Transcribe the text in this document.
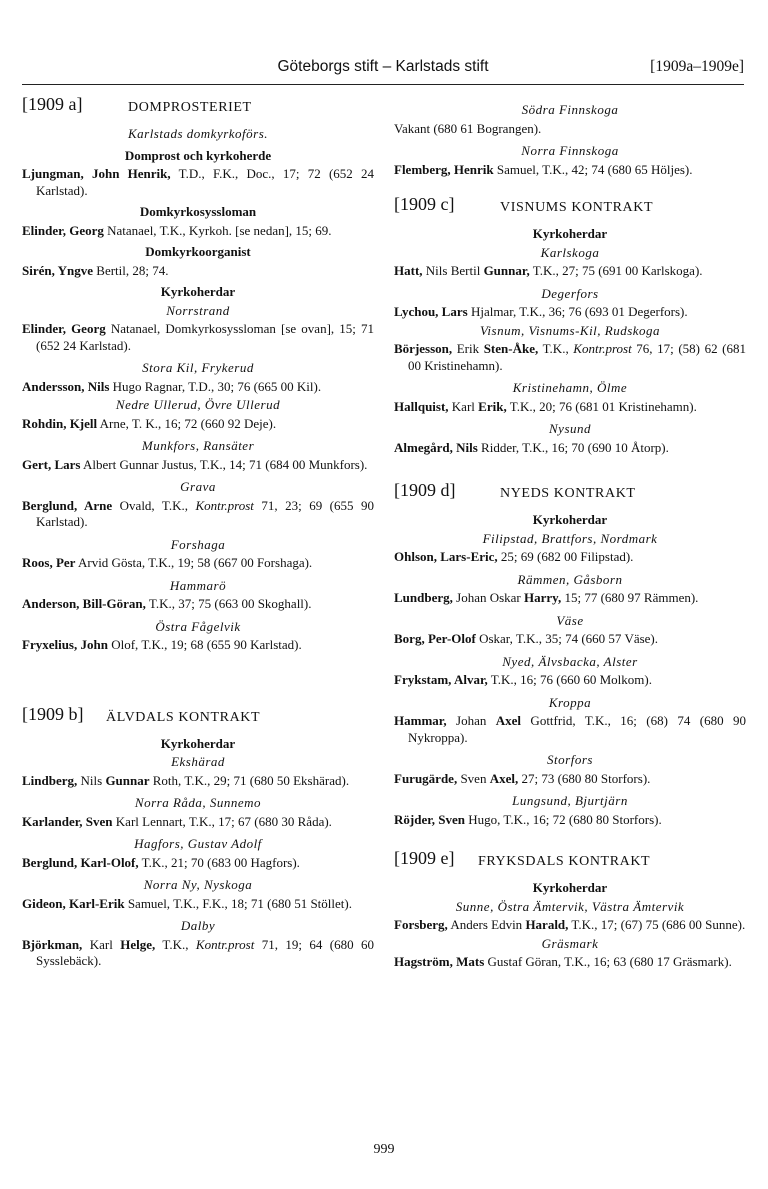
Göteborgs stift – Karlstads stift	[1909a–1909e]
[1909 a]	DOMPROSTERIET
Karlstads domkyrkoförs.
Domprost och kyrkoherde
Ljungman, John Henrik, T.D., F.K., Doc., 17; 72 (652 24 Karlstad).
Domkyrkosyssloman
Elinder, Georg Natanael, T.K., Kyrkoh. [se nedan], 15; 69.
Domkyrkoorganist
Sirén, Yngve Bertil, 28; 74.
Kyrkoherdar
Norrstrand
Elinder, Georg Natanael, Domkyrkosyssloman [se ovan], 15; 71 (652 24 Karlstad).
Stora Kil, Frykerud
Andersson, Nils Hugo Ragnar, T.D., 30; 76 (665 00 Kil).
Nedre Ullerud, Övre Ullerud
Rohdin, Kjell Arne, T. K., 16; 72 (660 92 Deje).
Munkfors, Ransäter
Gert, Lars Albert Gunnar Justus, T.K., 14; 71 (684 00 Munkfors).
Grava
Berglund, Arne Ovald, T.K., Kontr.prost 71, 23; 69 (655 90 Karlstad).
Forshaga
Roos, Per Arvid Gösta, T.K., 19; 58 (667 00 Forshaga).
Hammarö
Anderson, Bill-Göran, T.K., 37; 75 (663 00 Skoghall).
Östra Fågelvik
Fryxelius, John Olof, T.K., 19; 68 (655 90 Karlstad).
[1909 b] ÄLVDALS KONTRAKT
Kyrkoherdar
Ekshärad
Lindberg, Nils Gunnar Roth, T.K., 29; 71 (680 50 Ekshärad).
Norra Råda, Sunnemo
Karlander, Sven Karl Lennart, T.K., 17; 67 (680 30 Råda).
Hagfors, Gustav Adolf
Berglund, Karl-Olof, T.K., 21; 70 (683 00 Hagfors).
Norra Ny, Nyskoga
Gideon, Karl-Erik Samuel, T.K., F.K., 18; 71 (680 51 Stöllet).
Dalby
Björkman, Karl Helge, T.K., Kontr.prost 71, 19; 64 (680 60 Sysslebäck).
Södra Finnskoga
Vakant (680 61 Bograngen).
Norra Finnskoga
Flemberg, Henrik Samuel, T.K., 42; 74 (680 65 Höljes).
[1909 c]	VISNUMS KONTRAKT
Kyrkoherdar
Karlskoga
Hatt, Nils Bertil Gunnar, T.K., 27; 75 (691 00 Karlskoga).
Degerfors
Lychou, Lars Hjalmar, T.K., 36; 76 (693 01 Degerfors).
Visnum, Visnums-Kil, Rudskoga
Börjesson, Erik Sten-Åke, T.K., Kontr.prost 76, 17; (58) 62 (681 00 Kristinehamn).
Kristinehamn, Ölme
Hallquist, Karl Erik, T.K., 20; 76 (681 01 Kristinehamn).
Nysund
Almegård, Nils Ridder, T.K., 16; 70 (690 10 Åtorp).
[1909 d]	NYEDS KONTRAKT
Kyrkoherdar
Filipstad, Brattfors, Nordmark
Ohlson, Lars-Eric, 25; 69 (682 00 Filipstad).
Rämmen, Gåsborn
Lundberg, Johan Oskar Harry, 15; 77 (680 97 Rämmen).
Väse
Borg, Per-Olof Oskar, T.K., 35; 74 (660 57 Väse).
Nyed, Älvsbacka, Alster
Frykstam, Alvar, T.K., 16; 76 (660 60 Molkom).
Kroppa
Hammar, Johan Axel Gottfrid, T.K., 16; (68) 74 (680 90 Nykroppa).
Storfors
Furugärde, Sven Axel, 27; 73 (680 80 Storfors).
Lungsund, Bjurtjärn
Röjder, Sven Hugo, T.K., 16; 72 (680 80 Storfors).
[1909 e] FRYKSDALS KONTRAKT
Kyrkoherdar
Sunne, Östra Ämtervik, Västra Ämtervik
Forsberg, Anders Edvin Harald, T.K., 17; (67) 75 (686 00 Sunne).
Gräsmark
Hagström, Mats Gustaf Göran, T.K., 16; 63 (680 17 Gräsmark).
999
